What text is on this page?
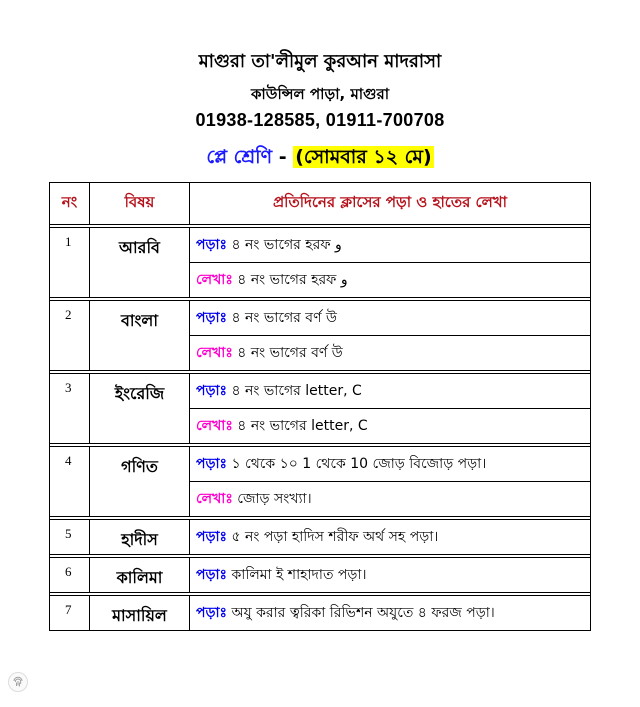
মাগুরা তা'লীমুল কুরআন মাদরাসা
কাউন্সিল পাড়া, মাগুরা
01938-128585, 01911-700708
প্লে শ্রেণি - (সোমবার ১২ মে)
নং	বিষয়	প্রতিদিনের ক্লাসের পড়া ও হাতের লেখা

1	আরবি	পড়াঃ ৪ নং ভাগের হরফ و
		লেখাঃ ৪ নং ভাগের হরফ و

2	বাংলা	পড়াঃ ৪ নং ভাগের বর্ণ উ
		লেখাঃ ৪ নং ভাগের বর্ণ উ

3	ইংরেজি	পড়াঃ ৪ নং ভাগের letter, C
		লেখাঃ ৪ নং ভাগের letter, C

4	গণিত	পড়াঃ ১ থেকে ১০ 1 থেকে 10 জোড় বিজোড় পড়া।
		লেখাঃ জোড় সংখ্যা।

5	হাদীস	পড়াঃ ৫ নং পড়া হাদিস শরীফ অর্থ সহ পড়া।

6	কালিমা	পড়াঃ কালিমা ই শাহাদাত পড়া।

7	মাসায়িল	পড়াঃ অযু করার ত্বরিকা রিভিশন অযুতে ৪ ফরজ পড়া।
